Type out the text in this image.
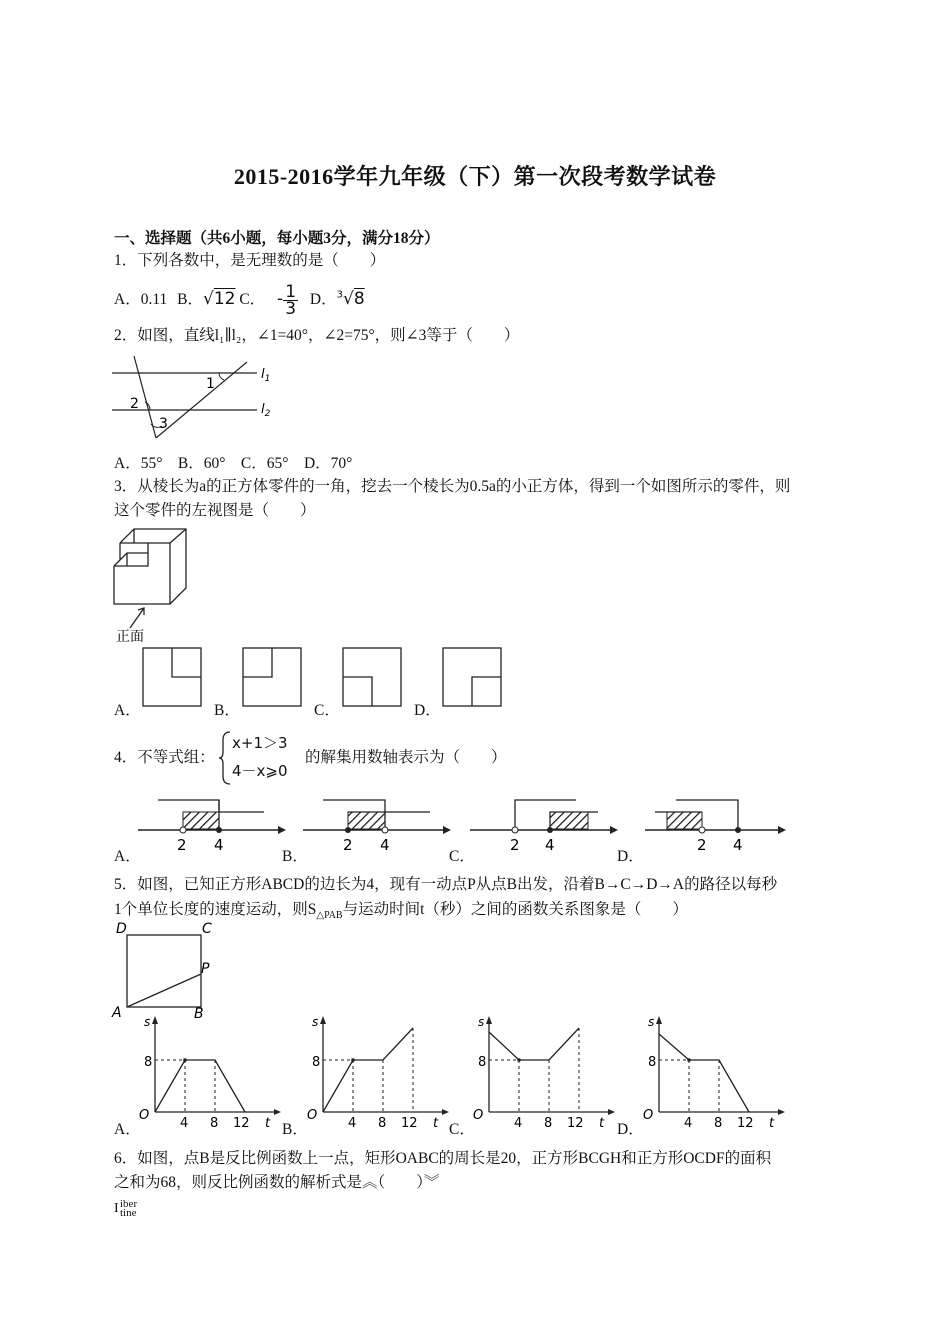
2015-2016学年九年级（下）第一次段考数学试卷
一、选择题（共6小题，每小题3分，满分18分）
1．下列各数中，是无理数的是（　　）
A．0.11 B．√12 C． - $\frac{1}{3}$ D．$^3$√8
2．如图，直线l₁∥l₂，∠1=40°，∠2=75°，则∠3等于（　　）
1
2
3
$l_1$
$l_2$
A．55°　B．60°　C．65°　D．70°
3．从棱长为a的正方体零件的一角，挖去一个棱长为0.5a的小正方体，得到一个如图所示的零件，则
这个零件的左视图是（　　）
正面
A．	B．	C．	D．
4．不等式组：
x+1＞3
4－x⩾0
的解集用数轴表示为（　　）
2 4	2 4	2 4	2 4
A．	B．	C．	D．
5．如图，已知正方形ABCD的边长为4，现有一动点P从点B出发，沿着B→C→D→A的路径以每秒
1个单位长度的速度运动，则$S_{\triangle PAB}$与运动时间t（秒）之间的函数关系图象是（　　）
D	C
P
A	B
s
8
O
4 8 12 t
A．
s
8
O
4 8 12 t
B．
s
8
O
4 8 12 t
C．
s
8
O
4 8 12 t
D．
6．如图，点B是反比例函数上一点，矩形OABC的周长是20，正方形BCGH和正方形OCDF的面积
之和为68，则反比例函数的解析式是︽（　　）︾
I iber
tine
